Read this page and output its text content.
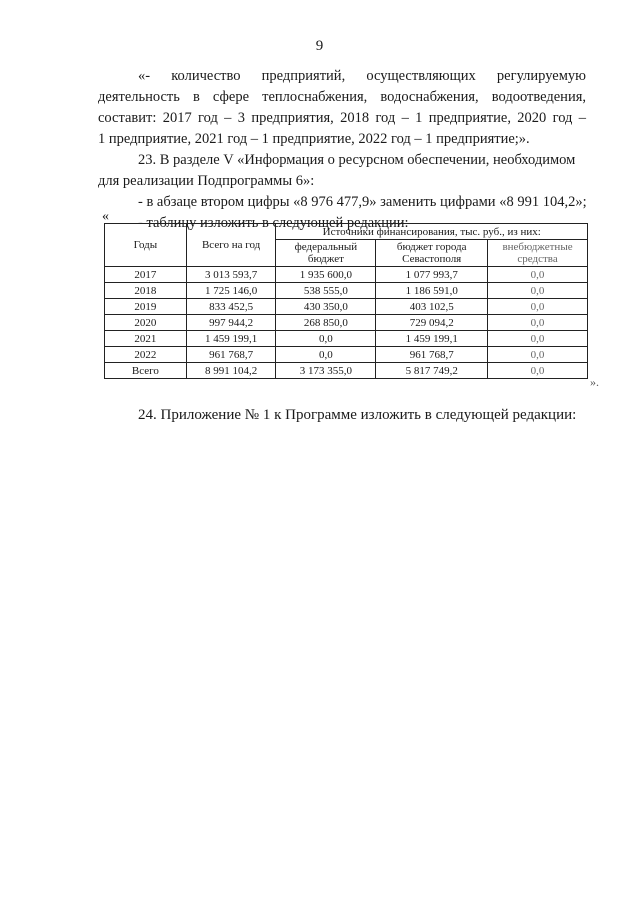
9
«- количество предприятий, осуществляющих регулируемую
деятельность в сфере теплоснабжения, водоснабжения, водоотведения,
составит: 2017 год – 3 предприятия, 2018 год – 1 предприятие, 2020 год –
1 предприятие, 2021 год – 1 предприятие, 2022 год – 1 предприятие;».
23. В разделе V «Информация о ресурсном обеспечении, необходимом
для реализации Подпрограммы 6»:
- в абзаце втором цифры «8 976 477,9» заменить цифрами «8 991 104,2»;
- таблицу изложить в следующей редакции:
«
Годы	Всего на год	Источники финансирования, тыс. руб., из них:		
		федеральный бюджет	бюджет города Севастополя	внебюджетные средства
2017	3 013 593,7	1 935 600,0	1 077 993,7	0,0
2018	1 725 146,0	538 555,0	1 186 591,0	0,0
2019	833 452,5	430 350,0	403 102,5	0,0
2020	997 944,2	268 850,0	729 094,2	0,0
2021	1 459 199,1	0,0	1 459 199,1	0,0
2022	961 768,7	0,0	961 768,7	0,0
Всего	8 991 104,2	3 173 355,0	5 817 749,2	0,0
».
24. Приложение № 1 к Программе изложить в следующей редакции:
